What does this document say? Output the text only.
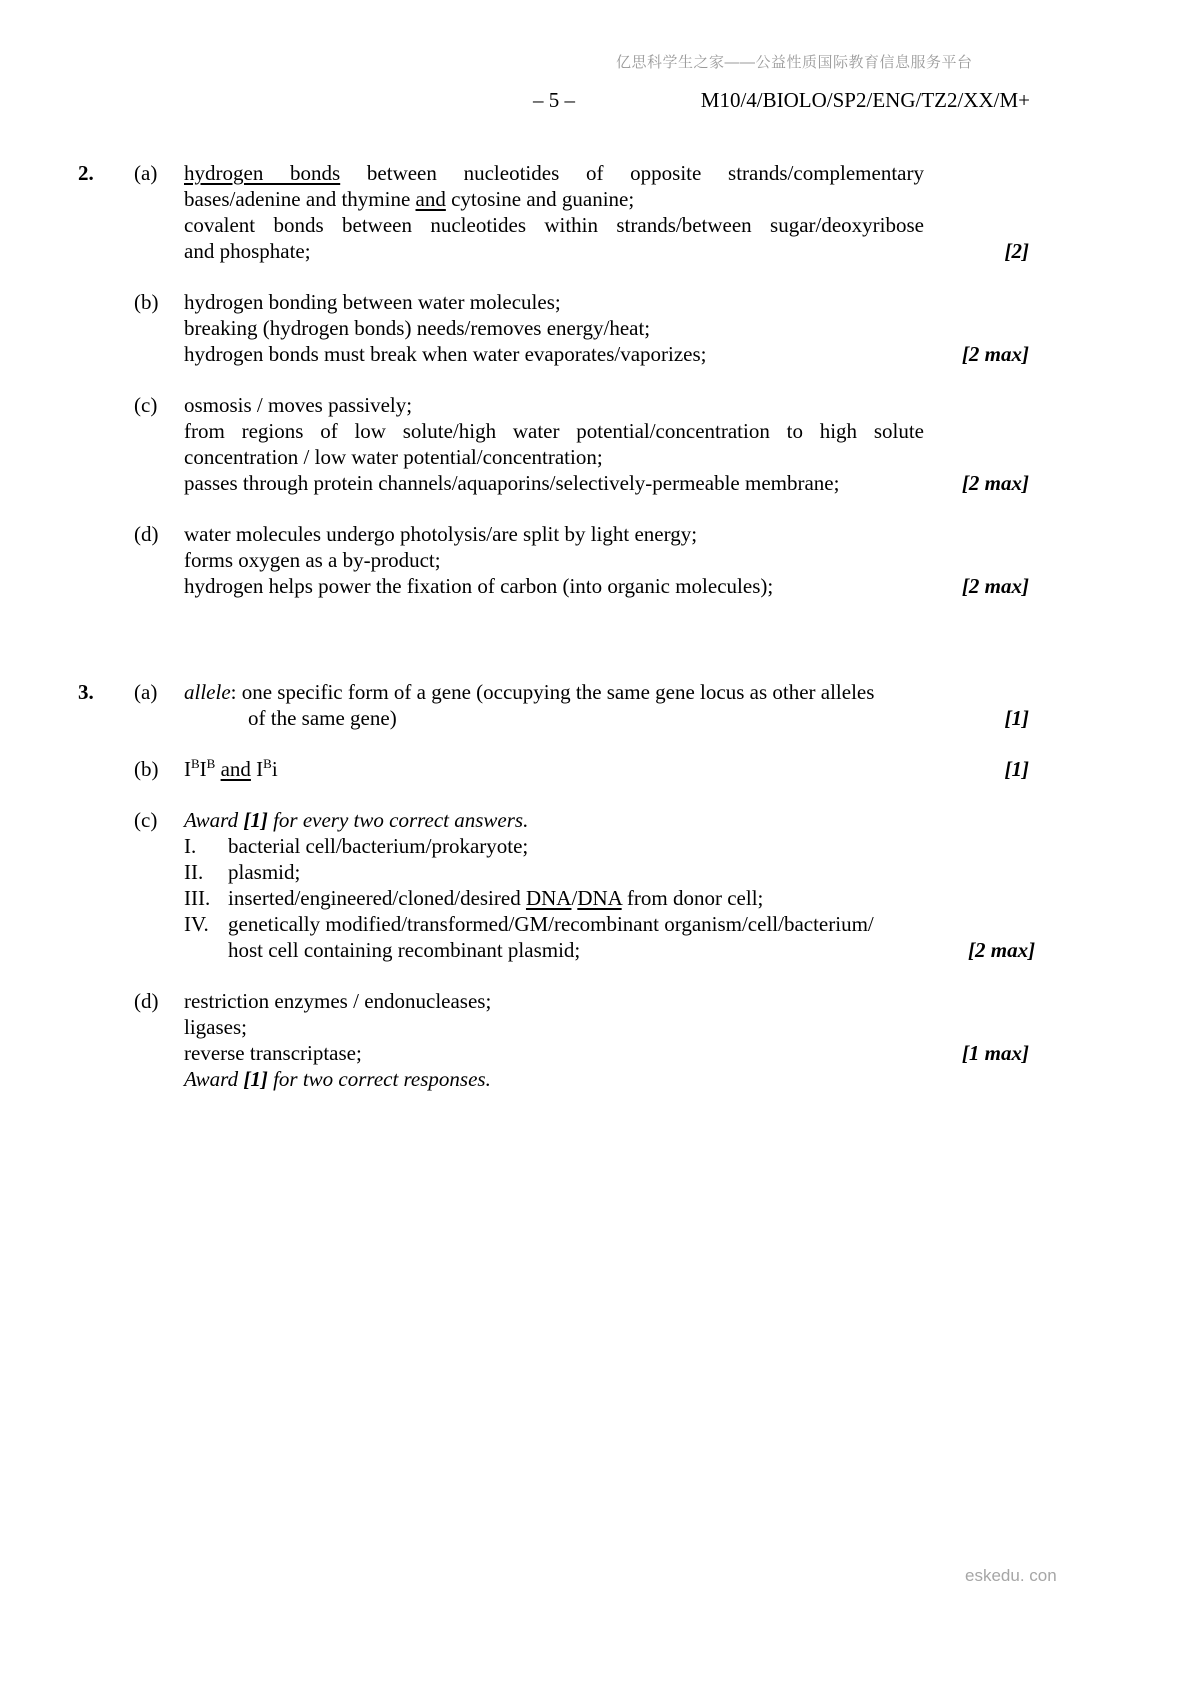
亿思科学生之家——公益性质国际教育信息服务平台
– 5 –	M10/4/BIOLO/SP2/ENG/TZ2/XX/M+
2.	(a)	hydrogen bonds between nucleotides of opposite strands/complementary
bases/adenine and thymine and cytosine and guanine;
covalent bonds between nucleotides within strands/between sugar/deoxyribose
and phosphate;	[2]
(b)	hydrogen bonding between water molecules;
breaking (hydrogen bonds) needs/removes energy/heat;
hydrogen bonds must break when water evaporates/vaporizes;	[2 max]
(c)	osmosis / moves passively;
from regions of low solute/high water potential/concentration to high solute
concentration / low water potential/concentration;
passes through protein channels/aquaporins/selectively-permeable membrane;	[2 max]
(d)	water molecules undergo photolysis/are split by light energy;
forms oxygen as a by-product;
hydrogen helps power the fixation of carbon (into organic molecules);	[2 max]
3.	(a)	allele: one specific form of a gene (occupying the same gene locus as other alleles
of the same gene)	[1]
(b)	$I^BI^B$ and $I^Bi$	[1]
(c)	Award [1] for every two correct answers.
I. bacterial cell/bacterium/prokaryote;
II. plasmid;
III. inserted/engineered/cloned/desired DNA/DNA from donor cell;
IV. genetically modified/transformed/GM/recombinant organism/cell/bacterium/
host cell containing recombinant plasmid;	[2 max]
(d)	restriction enzymes / endonucleases;
ligases;
reverse transcriptase;	[1 max]
Award [1] for two correct responses.
eskedu. con
